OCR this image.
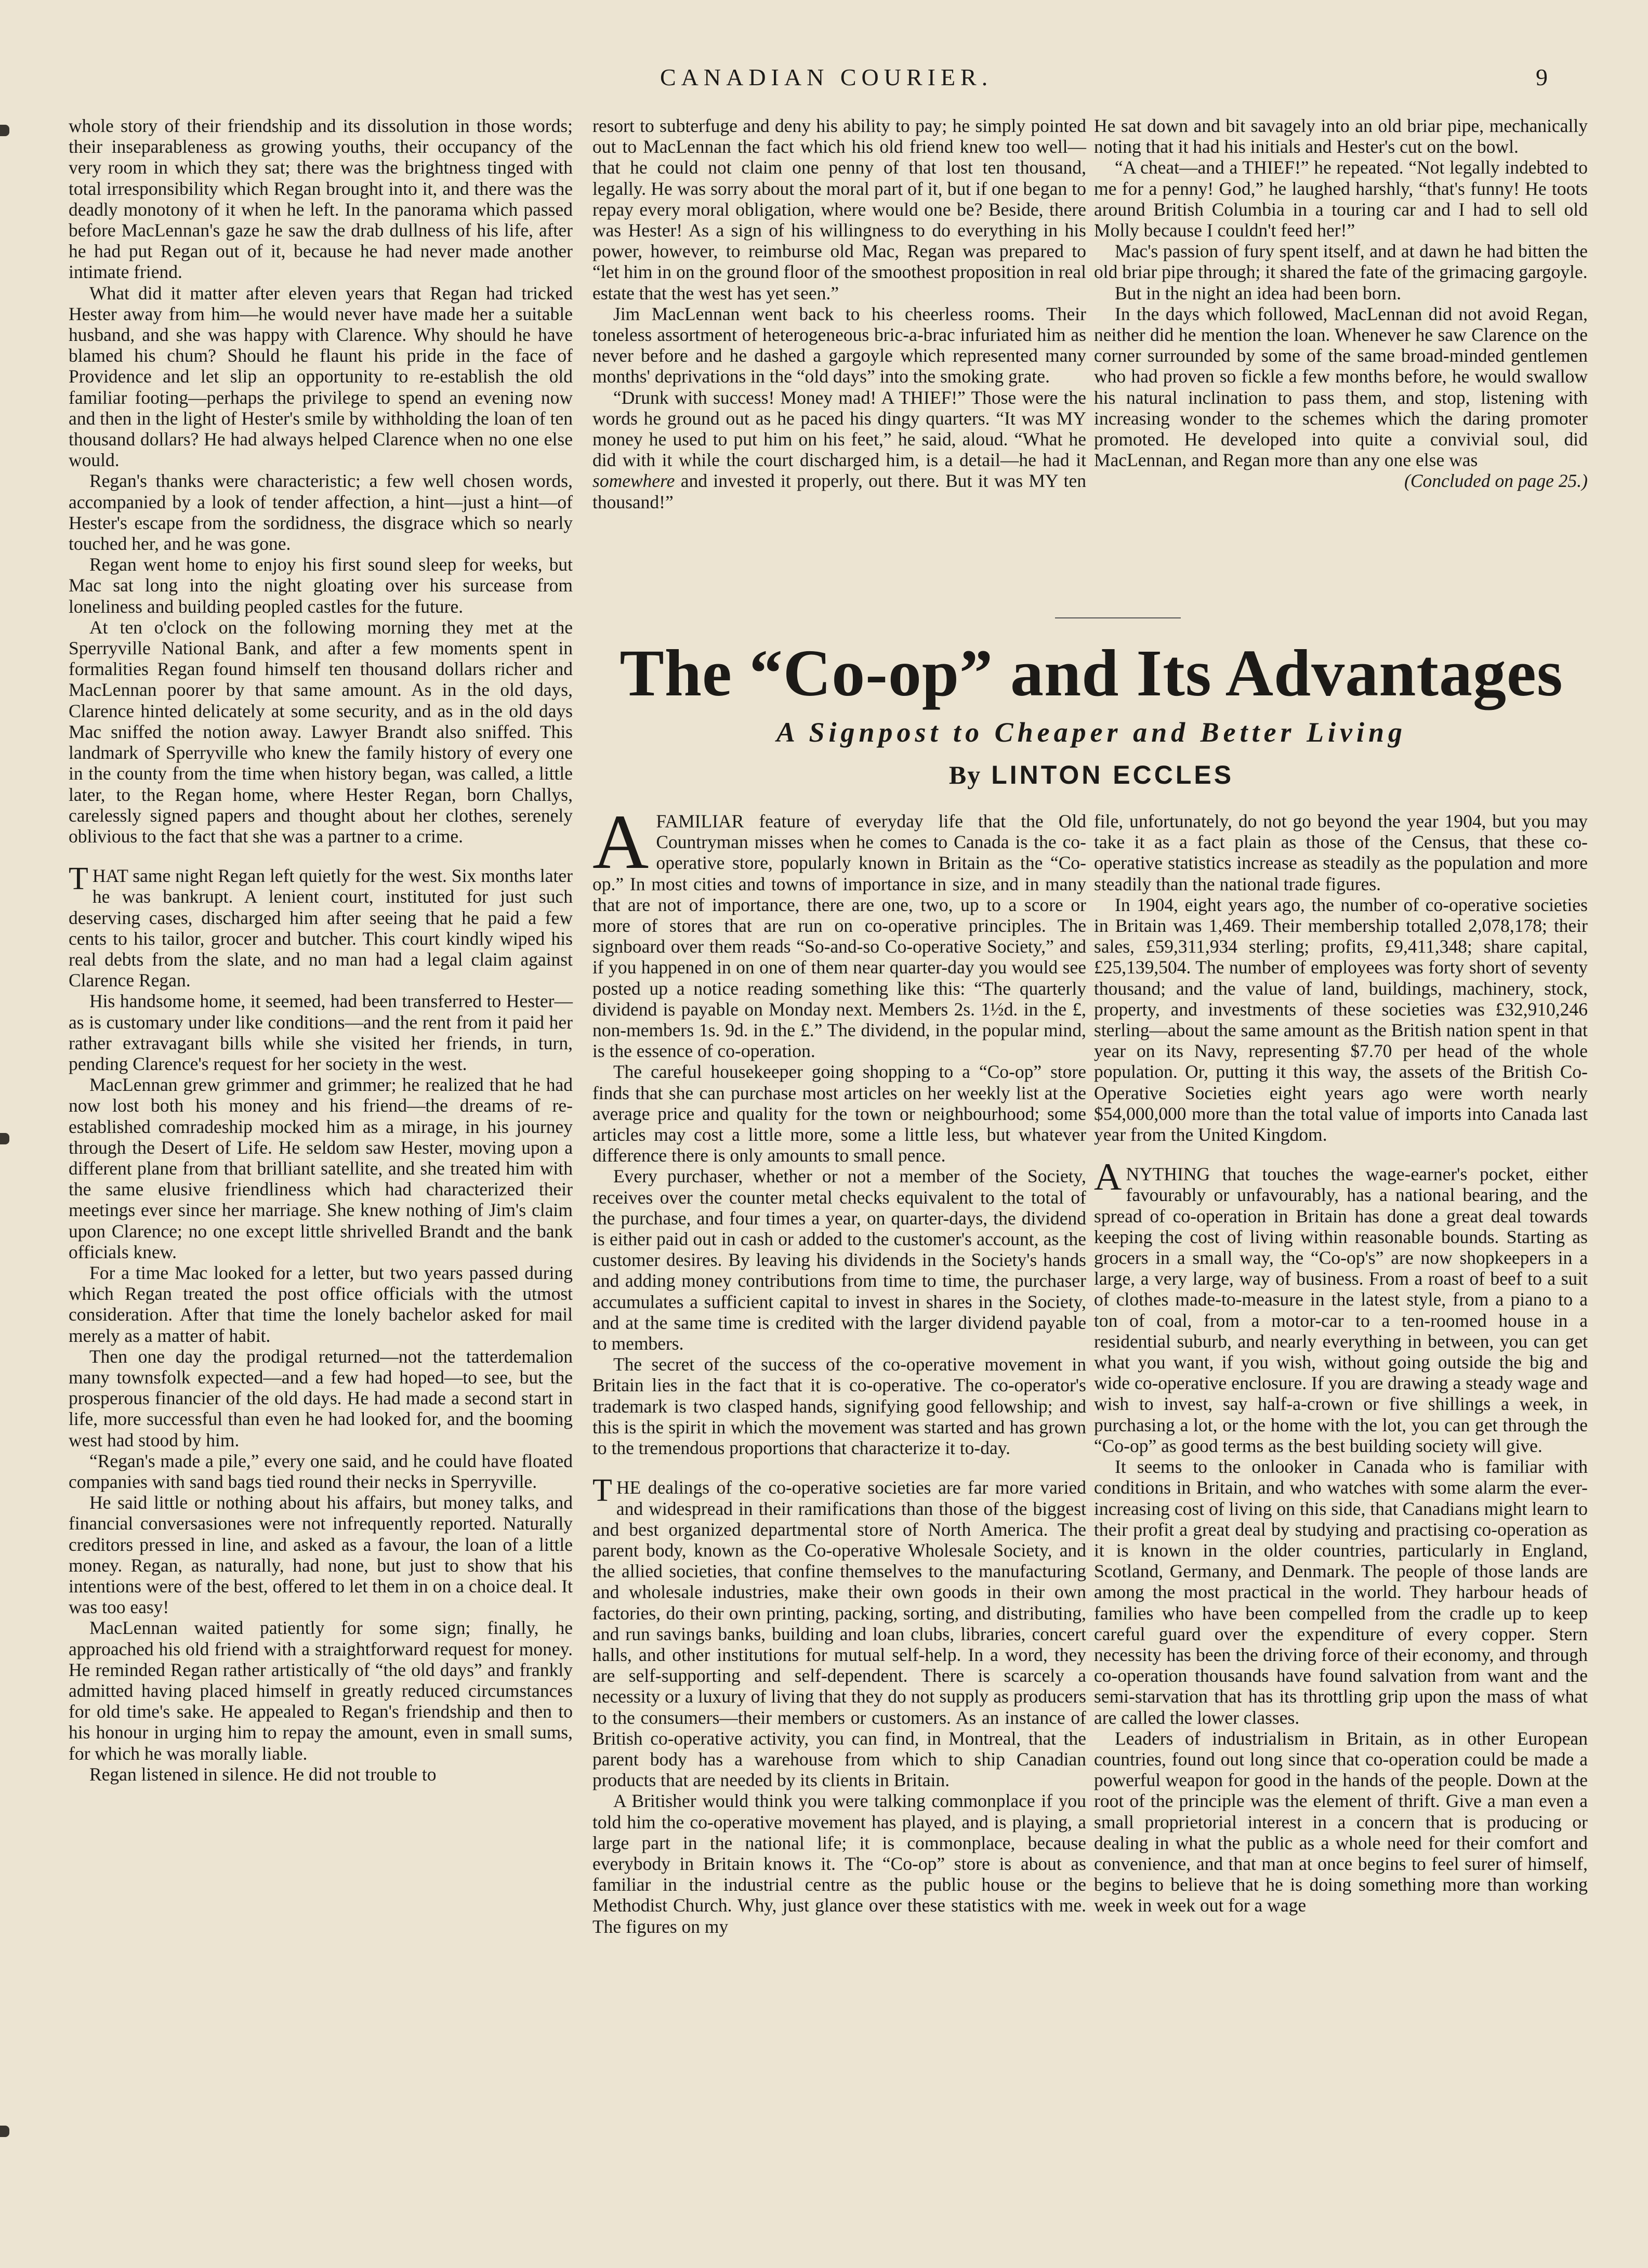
CANADIAN COURIER.	9

whole story of their friendship and its dissolution in those words; their inseparableness as growing youths, their occupancy of the very room in which they sat; there was the brightness tinged with total irresponsibility which Regan brought into it, and there was the deadly monotony of it when he left. In the panorama which passed before MacLennan's gaze he saw the drab dullness of his life, after he had put Regan out of it, because he had never made another intimate friend.

What did it matter after eleven years that Regan had tricked Hester away from him—he would never have made her a suitable husband, and she was happy with Clarence. Why should he have blamed his chum? Should he flaunt his pride in the face of Providence and let slip an opportunity to re-establish the old familiar footing—perhaps the privilege to spend an evening now and then in the light of Hester's smile by withholding the loan of ten thousand dollars? He had always helped Clarence when no one else would.

Regan's thanks were characteristic; a few well chosen words, accompanied by a look of tender affection, a hint—just a hint—of Hester's escape from the sordidness, the disgrace which so nearly touched her, and he was gone.

Regan went home to enjoy his first sound sleep for weeks, but Mac sat long into the night gloating over his surcease from loneliness and building peopled castles for the future.

At ten o'clock on the following morning they met at the Sperryville National Bank, and after a few moments spent in formalities Regan found himself ten thousand dollars richer and MacLennan poorer by that same amount. As in the old days, Clarence hinted delicately at some security, and as in the old days Mac sniffed the notion away. Lawyer Brandt also sniffed. This landmark of Sperryville who knew the family history of every one in the county from the time when history began, was called, a little later, to the Regan home, where Hester Regan, born Challys, carelessly signed papers and thought about her clothes, serenely oblivious to the fact that she was a partner to a crime.

THAT same night Regan left quietly for the west. Six months later he was bankrupt. A lenient court, instituted for just such deserving cases, discharged him after seeing that he paid a few cents to his tailor, grocer and butcher. This court kindly wiped his real debts from the slate, and no man had a legal claim against Clarence Regan.

His handsome home, it seemed, had been transferred to Hester—as is customary under like conditions—and the rent from it paid her rather extravagant bills while she visited her friends, in turn, pending Clarence's request for her society in the west.

MacLennan grew grimmer and grimmer; he realized that he had now lost both his money and his friend—the dreams of re-established comradeship mocked him as a mirage, in his journey through the Desert of Life. He seldom saw Hester, moving upon a different plane from that brilliant satellite, and she treated him with the same elusive friendliness which had characterized their meetings ever since her marriage. She knew nothing of Jim's claim upon Clarence; no one except little shrivelled Brandt and the bank officials knew.

For a time Mac looked for a letter, but two years passed during which Regan treated the post office officials with the utmost consideration. After that time the lonely bachelor asked for mail merely as a matter of habit.

Then one day the prodigal returned—not the tatterdemalion many townsfolk expected—and a few had hoped—to see, but the prosperous financier of the old days. He had made a second start in life, more successful than even he had looked for, and the booming west had stood by him.

“Regan's made a pile,” every one said, and he could have floated companies with sand bags tied round their necks in Sperryville.

He said little or nothing about his affairs, but money talks, and financial conversasiones were not infrequently reported. Naturally creditors pressed in line, and asked as a favour, the loan of a little money. Regan, as naturally, had none, but just to show that his intentions were of the best, offered to let them in on a choice deal. It was too easy!

MacLennan waited patiently for some sign; finally, he approached his old friend with a straightforward request for money. He reminded Regan rather artistically of “the old days” and frankly admitted having placed himself in greatly reduced circumstances for old time's sake. He appealed to Regan's friendship and then to his honour in urging him to repay the amount, even in small sums, for which he was morally liable.

Regan listened in silence. He did not trouble to

resort to subterfuge and deny his ability to pay; he simply pointed out to MacLennan the fact which his old friend knew too well—that he could not claim one penny of that lost ten thousand, legally. He was sorry about the moral part of it, but if one began to repay every moral obligation, where would one be? Beside, there was Hester! As a sign of his willingness to do everything in his power, however, to reimburse old Mac, Regan was prepared to “let him in on the ground floor of the smoothest proposition in real estate that the west has yet seen.”

Jim MacLennan went back to his cheerless rooms. Their toneless assortment of heterogeneous bric-a-brac infuriated him as never before and he dashed a gargoyle which represented many months' deprivations in the “old days” into the smoking grate.

“Drunk with success! Money mad! A THIEF!” Those were the words he ground out as he paced his dingy quarters. “It was MY money he used to put him on his feet,” he said, aloud. “What he did with it while the court discharged him, is a detail—he had it somewhere and invested it properly, out there. But it was MY ten thousand!”

He sat down and bit savagely into an old briar pipe, mechanically noting that it had his initials and Hester's cut on the bowl.

“A cheat—and a THIEF!” he repeated. “Not legally indebted to me for a penny! God,” he laughed harshly, “that's funny! He toots around British Columbia in a touring car and I had to sell old Molly because I couldn't feed her!”

Mac's passion of fury spent itself, and at dawn he had bitten the old briar pipe through; it shared the fate of the grimacing gargoyle.

But in the night an idea had been born.

In the days which followed, MacLennan did not avoid Regan, neither did he mention the loan. Whenever he saw Clarence on the corner surrounded by some of the same broad-minded gentlemen who had proven so fickle a few months before, he would swallow his natural inclination to pass them, and stop, listening with increasing wonder to the schemes which the daring promoter promoted. He developed into quite a convivial soul, did MacLennan, and Regan more than any one else was

(Concluded on page 25.)

The “Co-op” and Its Advantages
A Signpost to Cheaper and Better Living
By LINTON ECCLES

AFAMILIAR feature of everyday life that the Old Countryman misses when he comes to Canada is the co-operative store, popularly known in Britain as the “Co-op.” In most cities and towns of importance in size, and in many that are not of importance, there are one, two, up to a score or more of stores that are run on co-operative principles. The signboard over them reads “So-and-so Co-operative Society,” and if you happened in on one of them near quarter-day you would see posted up a notice reading something like this: “The quarterly dividend is payable on Monday next. Members 2s. 1½d. in the £, non-members 1s. 9d. in the £.” The dividend, in the popular mind, is the essence of co-operation.

The careful housekeeper going shopping to a “Co-op” store finds that she can purchase most articles on her weekly list at the average price and quality for the town or neighbourhood; some articles may cost a little more, some a little less, but whatever difference there is only amounts to small pence.

Every purchaser, whether or not a member of the Society, receives over the counter metal checks equivalent to the total of the purchase, and four times a year, on quarter-days, the dividend is either paid out in cash or added to the customer's account, as the customer desires. By leaving his dividends in the Society's hands and adding money contributions from time to time, the purchaser accumulates a sufficient capital to invest in shares in the Society, and at the same time is credited with the larger dividend payable to members.

The secret of the success of the co-operative movement in Britain lies in the fact that it is co-operative. The co-operator's trademark is two clasped hands, signifying good fellowship; and this is the spirit in which the movement was started and has grown to the tremendous proportions that characterize it to-day.

THE dealings of the co-operative societies are far more varied and widespread in their ramifications than those of the biggest and best organized departmental store of North America. The parent body, known as the Co-operative Wholesale Society, and the allied societies, that confine themselves to the manufacturing and wholesale industries, make their own goods in their own factories, do their own printing, packing, sorting, and distributing, and run savings banks, building and loan clubs, libraries, concert halls, and other institutions for mutual self-help. In a word, they are self-supporting and self-dependent. There is scarcely a necessity or a luxury of living that they do not supply as producers to the consumers—their members or customers. As an instance of British co-operative activity, you can find, in Montreal, that the parent body has a warehouse from which to ship Canadian products that are needed by its clients in Britain.

A Britisher would think you were talking commonplace if you told him the co-operative movement has played, and is playing, a large part in the national life; it is commonplace, because everybody in Britain knows it. The “Co-op” store is about as familiar in the industrial centre as the public house or the Methodist Church. Why, just glance over these statistics with me. The figures on my

file, unfortunately, do not go beyond the year 1904, but you may take it as a fact plain as those of the Census, that these co-operative statistics increase as steadily as the population and more steadily than the national trade figures.

In 1904, eight years ago, the number of co-operative societies in Britain was 1,469. Their membership totalled 2,078,178; their sales, £59,311,934 sterling; profits, £9,411,348; share capital, £25,139,504. The number of employees was forty short of seventy thousand; and the value of land, buildings, machinery, stock, property, and investments of these societies was £32,910,246 sterling—about the same amount as the British nation spent in that year on its Navy, representing $7.70 per head of the whole population. Or, putting it this way, the assets of the British Co-Operative Societies eight years ago were worth nearly $54,000,000 more than the total value of imports into Canada last year from the United Kingdom.

ANYTHING that touches the wage-earner's pocket, either favourably or unfavourably, has a national bearing, and the spread of co-operation in Britain has done a great deal towards keeping the cost of living within reasonable bounds. Starting as grocers in a small way, the “Co-op's” are now shopkeepers in a large, a very large, way of business. From a roast of beef to a suit of clothes made-to-measure in the latest style, from a piano to a ton of coal, from a motor-car to a ten-roomed house in a residential suburb, and nearly everything in between, you can get what you want, if you wish, without going outside the big and wide co-operative enclosure. If you are drawing a steady wage and wish to invest, say half-a-crown or five shillings a week, in purchasing a lot, or the home with the lot, you can get through the “Co-op” as good terms as the best building society will give.

It seems to the onlooker in Canada who is familiar with conditions in Britain, and who watches with some alarm the ever-increasing cost of living on this side, that Canadians might learn to their profit a great deal by studying and practising co-operation as it is known in the older countries, particularly in England, Scotland, Germany, and Denmark. The people of those lands are among the most practical in the world. They harbour heads of families who have been compelled from the cradle up to keep careful guard over the expenditure of every copper. Stern necessity has been the driving force of their economy, and through co-operation thousands have found salvation from want and the semi-starvation that has its throttling grip upon the mass of what are called the lower classes.

Leaders of industrialism in Britain, as in other European countries, found out long since that co-operation could be made a powerful weapon for good in the hands of the people. Down at the root of the principle was the element of thrift. Give a man even a small proprietorial interest in a concern that is producing or dealing in what the public as a whole need for their comfort and convenience, and that man at once begins to feel surer of himself, begins to believe that he is doing something more than working week in week out for a wage
